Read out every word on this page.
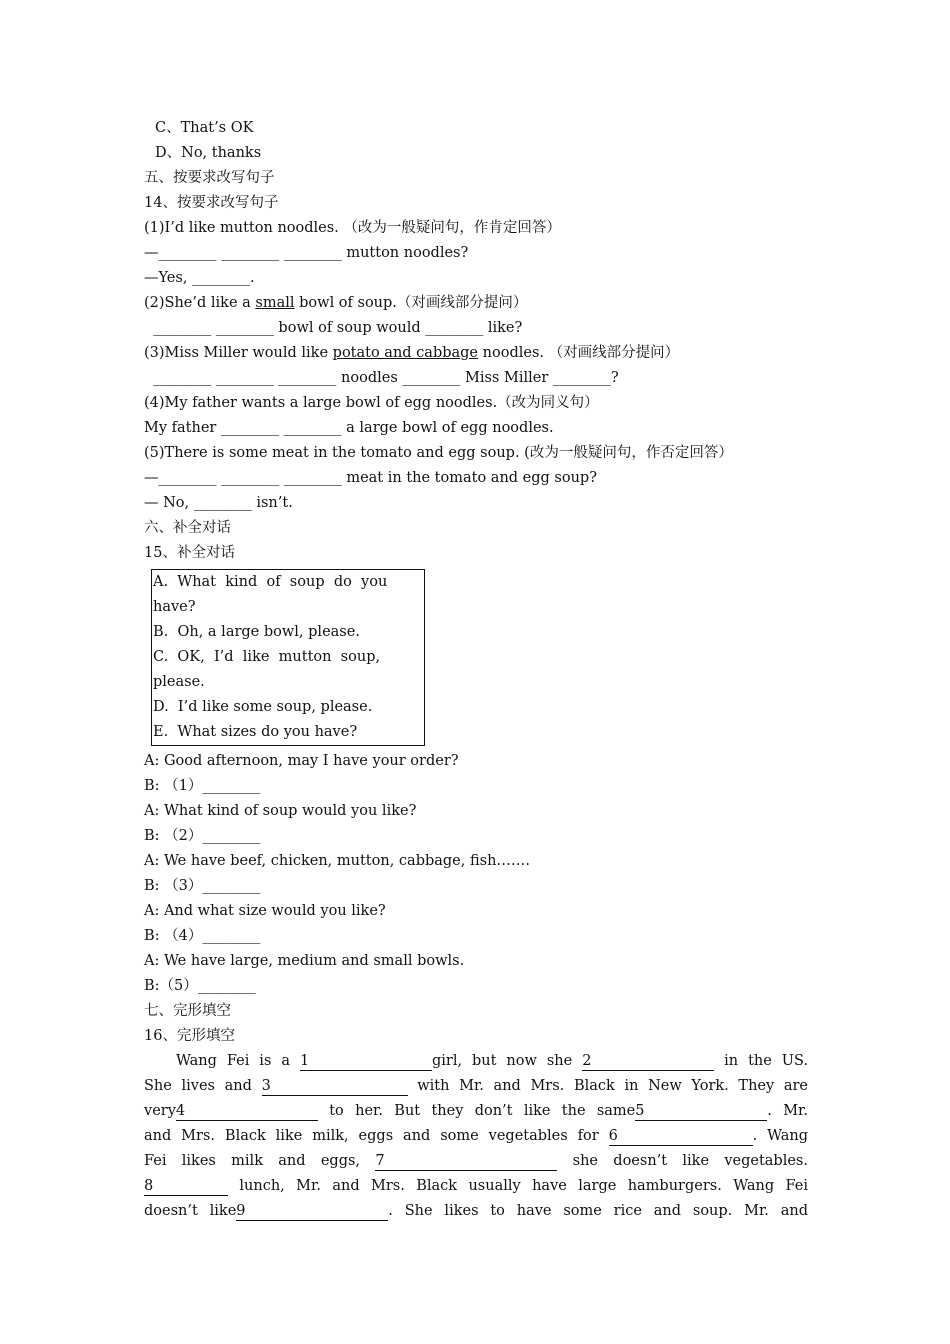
C、That’s OK
D、No, thanks
五、按要求改写句子
14、按要求改写句子
(1)I’d like mutton noodles. （改为一般疑问句，作肯定回答）
—________ ________ ________ mutton noodles?
—Yes, ________.
(2)She’d like a small bowl of soup.（对画线部分提问）
________ ________ bowl of soup would ________ like?
(3)Miss Miller would like potato and cabbage noodles. （对画线部分提问）
________ ________ ________ noodles ________ Miss Miller ________?
(4)My father wants a large bowl of egg noodles.（改为同义句）
My father ________ ________ a large bowl of egg noodles.
(5)There is some meat in the tomato and egg soup. (改为一般疑问句，作否定回答）
—________ ________ ________ meat in the tomato and egg soup?
— No, ________ isn’t.
六、补全对话
15、补全对话
A.  What  kind  of  soup  do  you
have?
B.  Oh, a large bowl, please.
C.  OK,  I’d  like  mutton  soup,
please.
D.  I’d like some soup, please.
E.  What sizes do you have?
A: Good afternoon, may I have your order?
B: （1）________
A: What kind of soup would you like?
B: （2）________
A: We have beef, chicken, mutton, cabbage, fish…….
B: （3）________
A: And what size would you like?
B: （4）________
A: We have large, medium and small bowls.
B:（5）________
七、完形填空
16、完形填空
Wang Fei is a 1	girl, but now she 2	in the US.
She lives and 3	with Mr. and Mrs. Black in New York. They are
very4	to her. But they don’t like the same5	. Mr.
and Mrs. Black like milk, eggs and some vegetables for 6	. Wang
Fei likes milk and eggs, 7	she doesn’t like vegetables.
8	lunch, Mr. and Mrs. Black usually have large hamburgers. Wang Fei
doesn’t like9	. She likes to have some rice and soup. Mr. and
